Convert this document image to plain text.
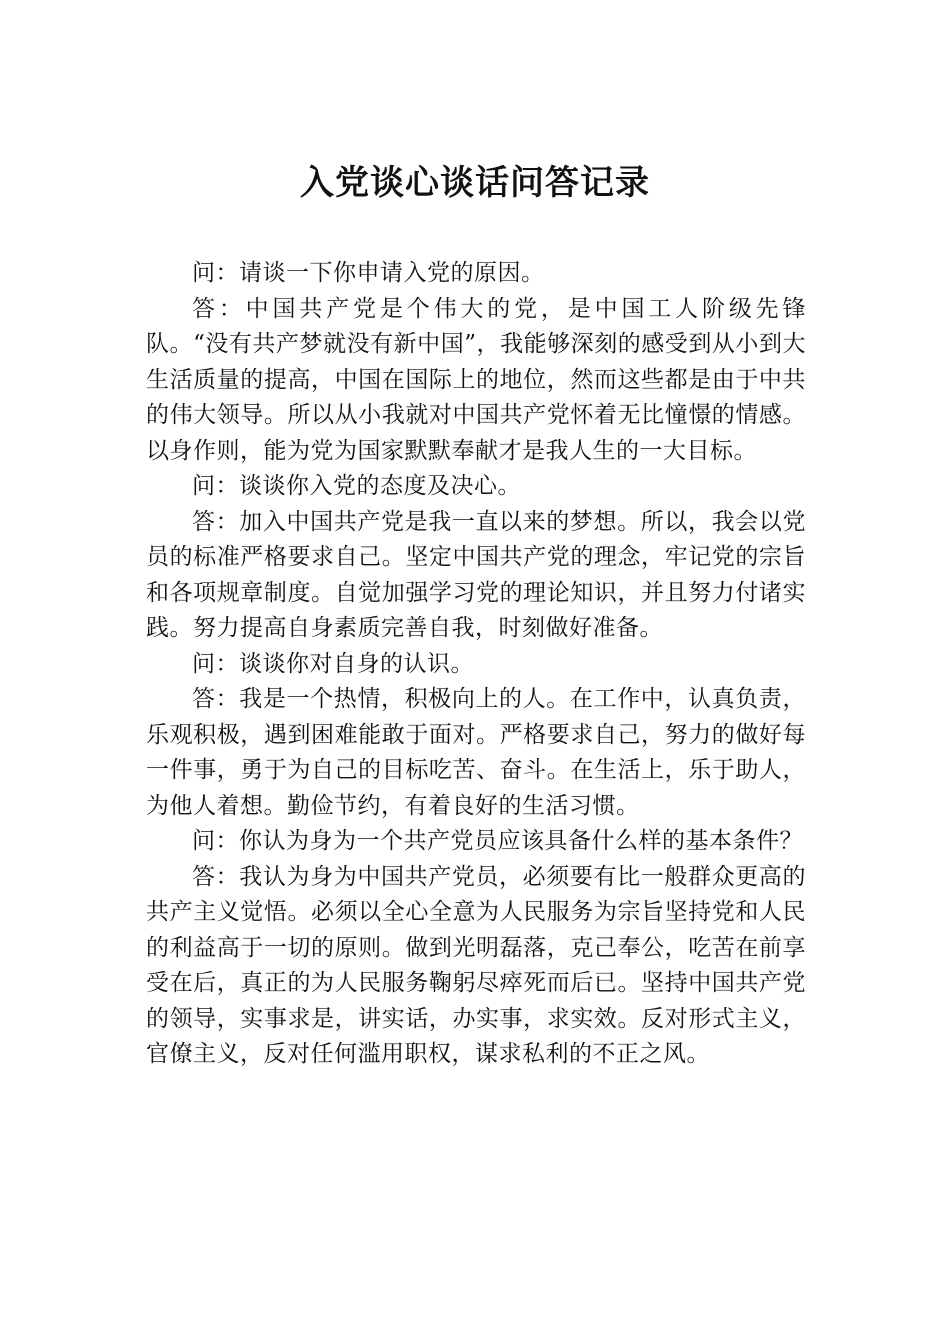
入党谈心谈话问答记录

问：请谈一下你申请入党的原因。

答：中国共产党是个伟大的党，是中国工人阶级先锋队。“没有共产梦就没有新中国”，我能够深刻的感受到从小到大生活质量的提高，中国在国际上的地位，然而这些都是由于中共的伟大领导。所以从小我就对中国共产党怀着无比憧憬的情感。以身作则，能为党为国家默默奉献才是我人生的一大目标。

问：谈谈你入党的态度及决心。

答：加入中国共产党是我一直以来的梦想。所以，我会以党员的标准严格要求自己。坚定中国共产党的理念，牢记党的宗旨和各项规章制度。自觉加强学习党的理论知识，并且努力付诸实践。努力提高自身素质完善自我，时刻做好准备。

问：谈谈你对自身的认识。

答：我是一个热情，积极向上的人。在工作中，认真负责，乐观积极，遇到困难能敢于面对。严格要求自己，努力的做好每一件事，勇于为自己的目标吃苦、奋斗。在生活上，乐于助人，为他人着想。勤俭节约，有着良好的生活习惯。

问：你认为身为一个共产党员应该具备什么样的基本条件？

答：我认为身为中国共产党员，必须要有比一般群众更高的共产主义觉悟。必须以全心全意为人民服务为宗旨坚持党和人民的利益高于一切的原则。做到光明磊落，克己奉公，吃苦在前享受在后，真正的为人民服务鞠躬尽瘁死而后已。坚持中国共产党的领导，实事求是，讲实话，办实事，求实效。反对形式主义，官僚主义，反对任何滥用职权，谋求私利的不正之风。
